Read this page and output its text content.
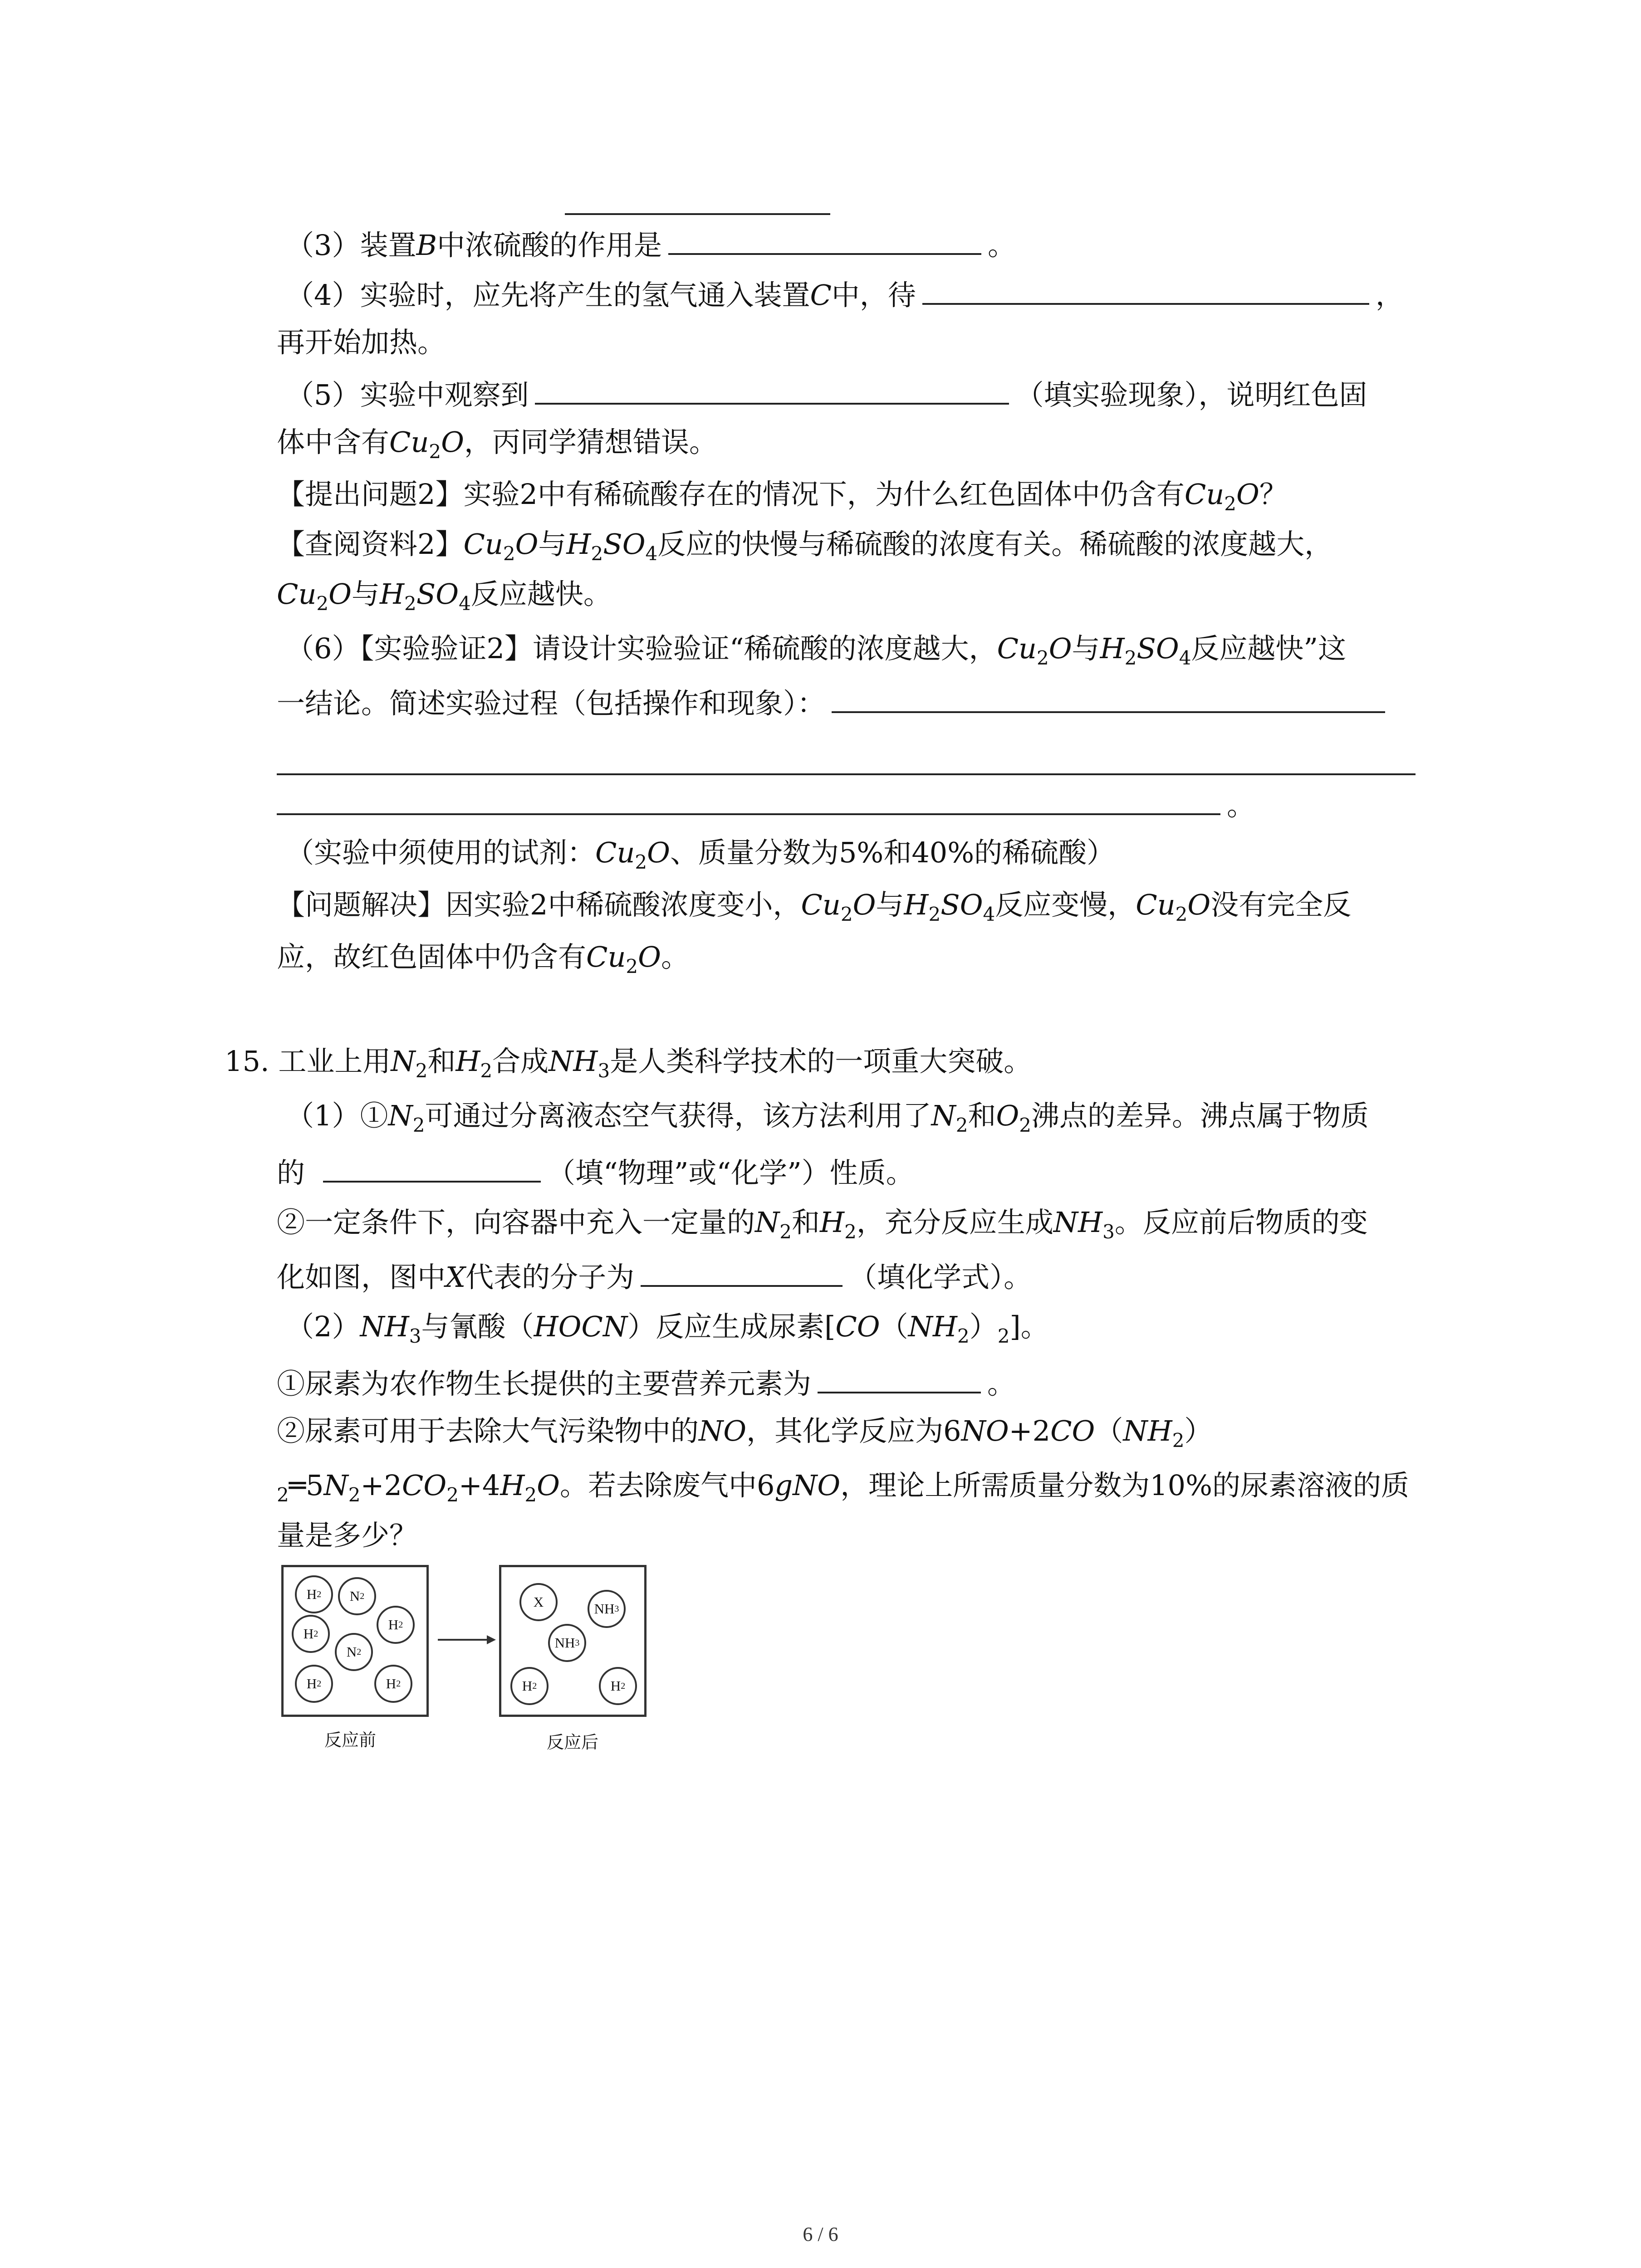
（3）装置B中浓硫酸的作用是	。
（4）实验时，应先将产生的氢气通入装置C中，待	，
再开始加热。
（5）实验中观察到	（填实验现象），说明红色固
体中含有$Cu_2O$，丙同学猜想错误。
【提出问题2】实验2中有稀硫酸存在的情况下，为什么红色固体中仍含有$Cu_2O$？
【查阅资料2】$Cu_2O$与$H_2SO_4$反应的快慢与稀硫酸的浓度有关。稀硫酸的浓度越大，
$Cu_2O$与$H_2SO_4$反应越快。
（6）【实验验证2】请设计实验验证“稀硫酸的浓度越大，$Cu_2O$与$H_2SO_4$反应越快”这
一结论。简述实验过程（包括操作和现象）：
。
（实验中须使用的试剂：$Cu_2O$、质量分数为5%和40%的稀硫酸）
【问题解决】因实验2中稀硫酸浓度变小，$Cu_2O$与$H_2SO_4$反应变慢，$Cu_2O$没有完全反
应，故红色固体中仍含有$Cu_2O$。
15. 工业上用$N_2$和$H_2$合成$NH_3$是人类科学技术的一项重大突破。
$(1)①N_2$可通过分离液态空气获得，该方法利用了$N_2$和$O_2$沸点的差异。沸点属于物质
的	（填“物理”或“化学”）性质。
②一定条件下，向容器中充入一定量的$N_2$和$H_2$，充分反应生成$NH_3$。反应前后物质的变
化如图，图中X代表的分子为	（填化学式）。
$(2)NH_3$与氰酸（HOCN）反应生成尿素$[CO(NH_2)_2]$。
①尿素为农作物生长提供的主要营养元素为	。
②尿素可用于去除大气污染物中的NO，其化学反应为$6NO+2CO(NH_2)$
$_2═5N_2+2CO_2+4H_2O$。若去除废气中6gNO，理论上所需质量分数为10%的尿素溶液的质
量是多少？
H 2 N 2
H 2
H 2
N 2
H 2	H 2
X	NH 3
NH 3
H 2	H 2
反应前	反应后
6 / 6
